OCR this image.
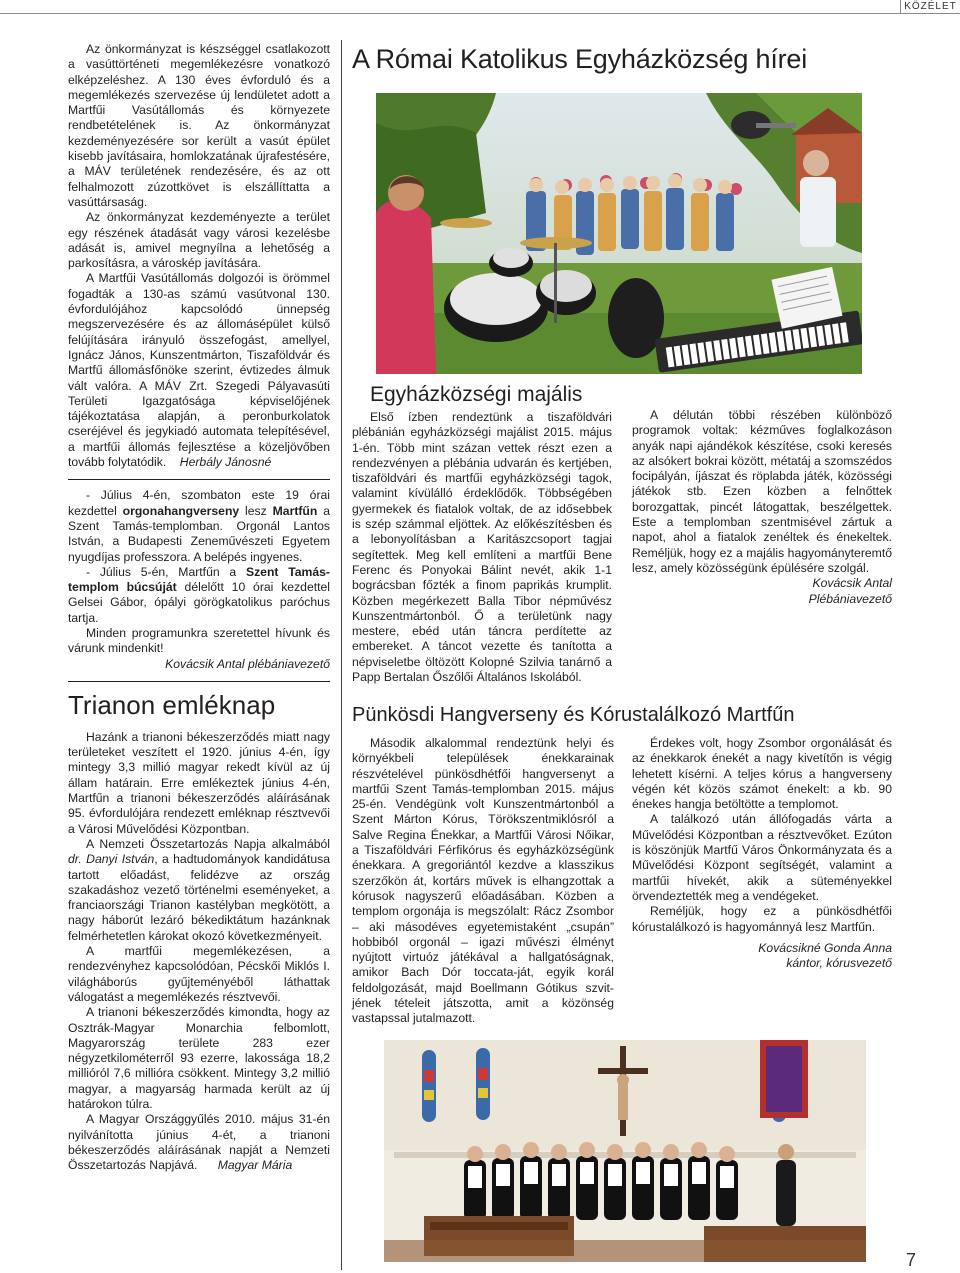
KÖZÉLET

Az önkormányzat is készséggel csatlakozott a vasúttörténeti megemlékezésre vonatkozó elképzeléshez. A 130 éves évforduló és a megemlékezés szervezése új lendületet adott a Martfűi Vasútállomás és környezete rendbetételének is. Az önkormányzat kezdeményezésére sor került a vasút épület kisebb javításaira, homlokzatának újrafestésére, a MÁV területének rendezésére, és az ott felhalmozott zúzottkövet is elszállíttatta a vasúttársaság.

Az önkormányzat kezdeményezte a terület egy részének átadását vagy városi kezelésbe adását is, amivel megnyílna a lehetőség a parkosításra, a városkép javítására.

A Martfűi Vasútállomás dolgozói is örömmel fogadták a 130-as számú vasútvonal 130. évfordulójához kapcsolódó ünnepség megszervezésére és az állomásépület külső felújítására irányuló összefogást, amellyel, Ignácz János, Kunszentmárton, Tiszaföldvár és Martfű állomásfőnöke szerint, évtizedes álmuk vált valóra. A MÁV Zrt. Szegedi Pályavasúti Területi Igazgatósága képviselőjének tájékoztatása alapján, a peronburkolatok cseréjével és jegykiadó automata telepítésével, a martfűi állomás fejlesztése a közeljövőben tovább folytatódik. Herbály Jánosné

- Július 4-én, szombaton este 19 órai kezdettel orgonahangverseny lesz Martfűn a Szent Tamás-templomban. Orgonál Lantos István, a Budapesti Zeneművészeti Egyetem nyugdíjas professzora. A belépés ingyenes.

- Július 5-én, Martfűn a Szent Tamás-templom búcsúját délelőtt 10 órai kezdettel Gelsei Gábor, ópályi görögkatolikus paróchus tartja.

Minden programunkra szeretettel hívunk és várunk mindenkit!

Kovácsik Antal plébániavezető
Trianon emléknap

Hazánk a trianoni békeszerződés miatt nagy területeket veszített el 1920. június 4-én, így mintegy 3,3 millió magyar rekedt kívül az új állam határain. Erre emlékeztek június 4-én, Martfűn a trianoni békeszerződés aláírásának 95. évfordulójára rendezett emléknap résztvevői a Városi Művelődési Központban.

A Nemzeti Összetartozás Napja alkalmából dr. Danyi István, a hadtudományok kandidátusa tartott előadást, felidézve az ország szakadáshoz vezető történelmi eseményeket, a franciaországi Trianon kastélyban megkötött, a nagy háborút lezáró békediktátum hazánknak felmérhetetlen károkat okozó következményeit.

A martfűi megemlékezésen, a rendezvényhez kapcsolódóan, Pécskői Miklós I. világháborús gyűjteményéből láthattak válogatást a megemlékezés résztvevői.

A trianoni békeszerződés kimondta, hogy az Osztrák-Magyar Monarchia felbomlott, Magyarország területe 283 ezer négyzetkilométerről 93 ezerre, lakossága 18,2 millióról 7,6 millióra csökkent. Mintegy 3,2 millió magyar, a magyarság harmada került az új határokon túlra.

A Magyar Országgyűlés 2010. május 31-én nyilvánította június 4-ét, a trianoni békeszerződés aláírásának napját a Nemzeti Összetartozás Napjává. Magyar Mária

A Római Katolikus Egyházközség hírei
Egyházközségi majális

Első ízben rendeztünk a tiszaföldvári plébánián egyházközségi majálist 2015. május 1-én. Több mint százan vettek részt ezen a rendezvényen a plébánia udvarán és kertjében, tiszaföldvári és martfűi egyházközségi tagok, valamint kívülálló érdeklődők. Többségében gyermekek és fiatalok voltak, de az idősebbek is szép számmal eljöttek. Az előkészítésben és a lebonyolításban a Karitászcsoport tagjai segítettek. Meg kell említeni a martfűi Bene Ferenc és Ponyokai Bálint nevét, akik 1-1 bográcsban főzték a finom paprikás krumplit. Közben megérkezett Balla Tibor népművész Kunszentmártonból. Ő a területünk nagy mestere, ebéd után táncra perdítette az embereket. A táncot vezette és tanította a népviseletbe öltözött Kolopné Szilvia tanárnő a Papp Bertalan Őszőlői Általános Iskolából.

A délután többi részében különböző programok voltak: kézműves foglalkozáson anyák napi ajándékok készítése, csoki keresés az alsókert bokrai között, métatáj a szomszédos focipályán, íjászat és röplabda játék, közösségi játékok stb. Ezen közben a felnőttek borozgattak, pincét látogattak, beszélgettek. Este a templomban szentmisével zártuk a napot, ahol a fiatalok zenéltek és énekeltek. Reméljük, hogy ez a majális hagyományteremtő lesz, amely közösségünk épülésére szolgál.

Kovácsik Antal
Plébániavezető
Pünkösdi Hangverseny és Kórustalálkozó Martfűn

Második alkalommal rendeztünk helyi és környékbeli települések énekkarainak részvételével pünkösdhétfői hangversenyt a martfűi Szent Tamás-templomban 2015. május 25-én. Vendégünk volt Kunszentmártonból a Szent Márton Kórus, Törökszentmiklósról a Salve Regina Énekkar, a Martfűi Városi Nőikar, a Tiszaföldvári Férfikórus és egyházközségünk énekkara. A gregoriántól kezdve a klasszikus szerzőkön át, kortárs művek is elhangzottak a kórusok nagyszerű előadásában. Közben a templom orgonája is megszólalt: Rácz Zsombor – aki másodéves egyetemistaként „csupán” hobbiból orgonál – igazi művészi élményt nyújtott virtuóz játékával a hallgatóságnak, amikor Bach Dór toccata-ját, egyik korál feldolgozását, majd Boellmann Gótikus szvit-jének tételeit játszotta, amit a közönség vastapssal jutalmazott.

Érdekes volt, hogy Zsombor orgonálását és az énekkarok énekét a nagy kivetítőn is végig lehetett kísérni. A teljes kórus a hangverseny végén két közös számot énekelt: a kb. 90 énekes hangja betöltötte a templomot.

A találkozó után állófogadás várta a Művelődési Központban a résztvevőket. Ezúton is köszönjük Martfű Város Önkormányzata és a Művelődési Központ segítségét, valamint a martfűi hívekét, akik a süteményekkel örvendeztették meg a vendégeket.

Reméljük, hogy ez a pünkösdhétfői kórustalálkozó is hagyománnyá lesz Martfűn.

Kovácsikné Gonda Anna
kántor, kórusvezető
7
